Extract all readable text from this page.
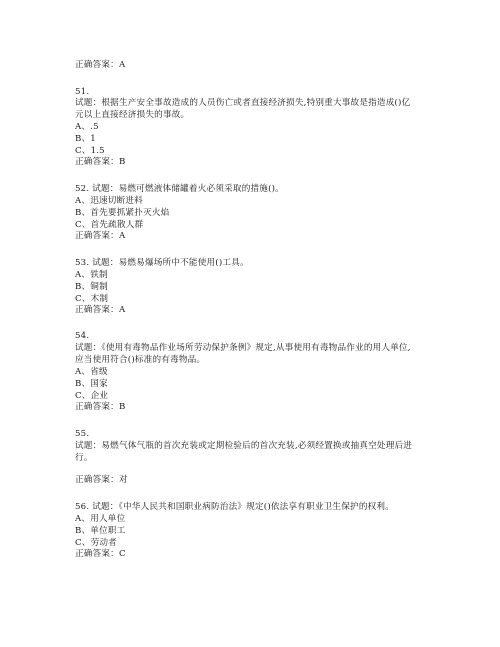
正确答案：A
51.
试题：根据生产安全事故造成的人员伤亡或者直接经济损失,特别重大事故是指造成()亿
元以上直接经济损失的事故。
A、.5
B、1
C、1.5
正确答案：B
52. 试题：易燃可燃液体储罐着火必须采取的措施()。
A、迅速切断进料
B、首先要抓紧扑灭火焰
C、首先疏散人群
正确答案：A
53. 试题：易燃易爆场所中不能使用()工具。
A、铁制
B、铜制
C、木制
正确答案：A
54.
试题：《使用有毒物品作业场所劳动保护条例》规定,从事使用有毒物品作业的用人单位,
应当使用符合()标准的有毒物品。
A、省级
B、国家
C、企业
正确答案：B
55.
试题：易燃气体气瓶的首次充装或定期检验后的首次充装,必须经置换或抽真空处理后进
行。
正确答案：对
56. 试题：《中华人民共和国职业病防治法》规定()依法享有职业卫生保护的权利。
A、用人单位
B、单位职工
C、劳动者
正确答案：C
